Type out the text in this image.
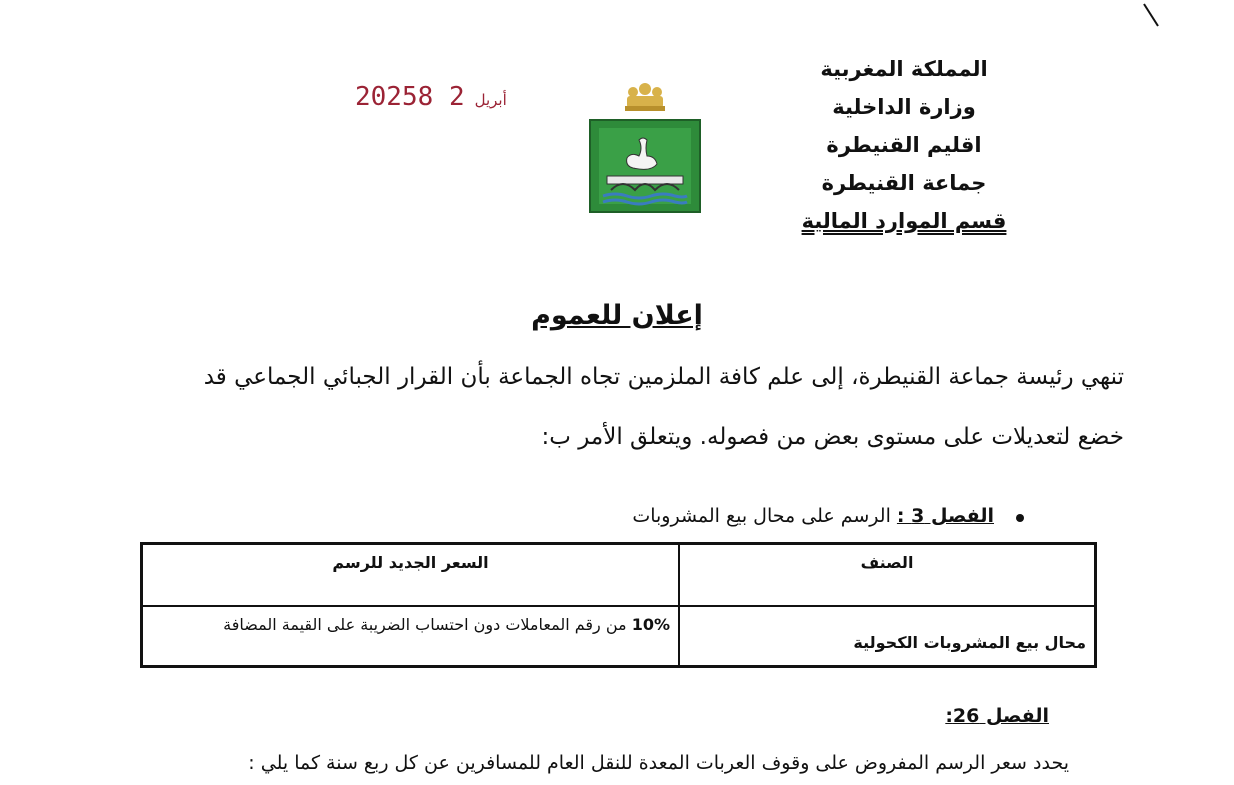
المملكة المغربية
وزارة الداخلية
اقليم القنيطرة
جماعة القنيطرة
قسم الموارد المالية
2025	أبريل2 8
إعلان للعموم
تنهي رئيسة جماعة القنيطرة، إلى علم كافة الملزمين تجاه الجماعة بأن القرار الجبائي الجماعي قد
خضع لتعديلات على مستوى بعض من فصوله. ويتعلق الأمر ب:
الفصل 3 : الرسم على محال بيع المشروبات
الصنف	السعر الجديد للرسم

محال بيع المشروبات الكحولية	10% من رقم المعاملات دون احتساب الضريبة على القيمة المضافة
الفصل 26:
يحدد سعر الرسم المفروض على وقوف العربات المعدة للنقل العام للمسافرين عن كل ربع سنة كما يلي :
